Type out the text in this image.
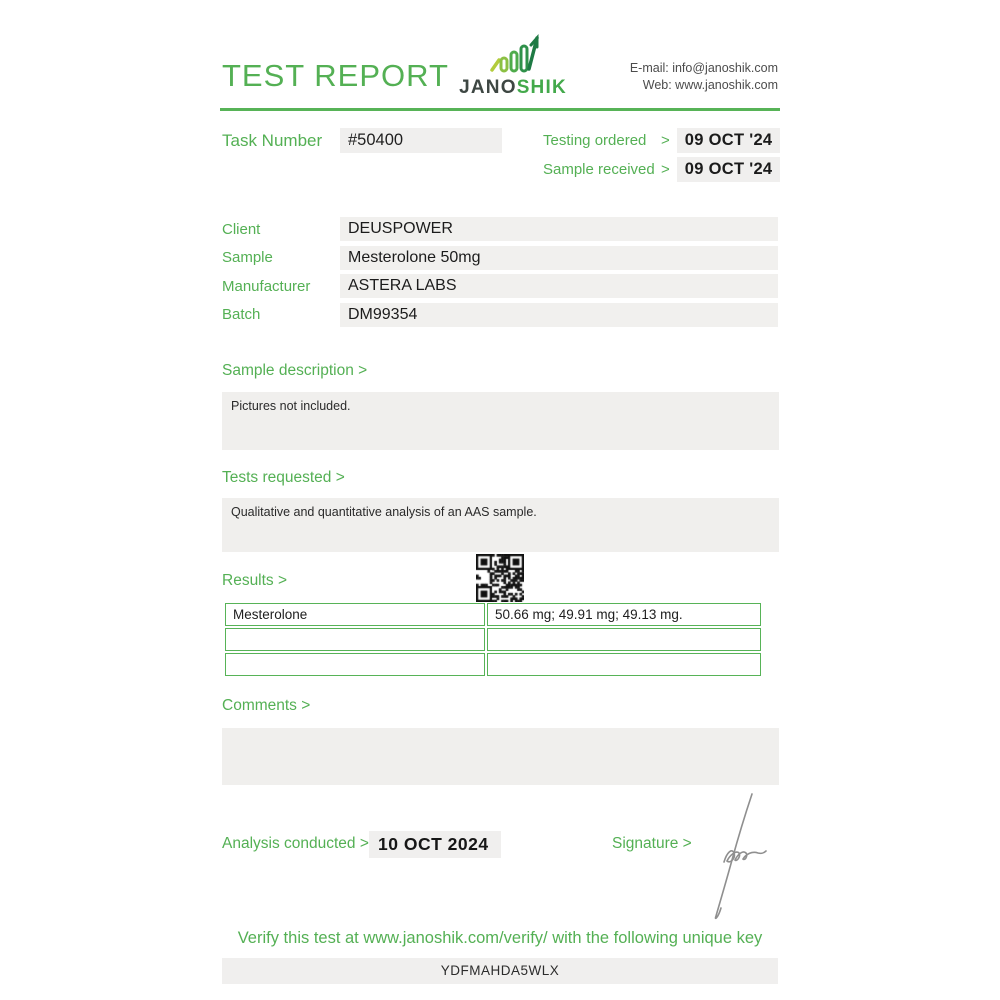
TEST REPORT JANOSHIK
E-mail: info@janoshik.com
Web: www.janoshik.com
Task Number	#50400	Testing ordered > 09 OCT '24
Sample received > 09 OCT '24
Client	DEUSPOWER
Sample	Mesterolone 50mg
Manufacturer	ASTERA LABS
Batch	DM99354
Sample description >
Pictures not included.
Tests requested >
Qualitative and quantitative analysis of an AAS sample.
Results >
Mesterolone	50.66 mg; 49.91 mg; 49.13 mg.
Comments >
Analysis conducted > 10 OCT 2024	Signature >
Verify this test at www.janoshik.com/verify/ with the following unique key
YDFMAHDA5WLX
